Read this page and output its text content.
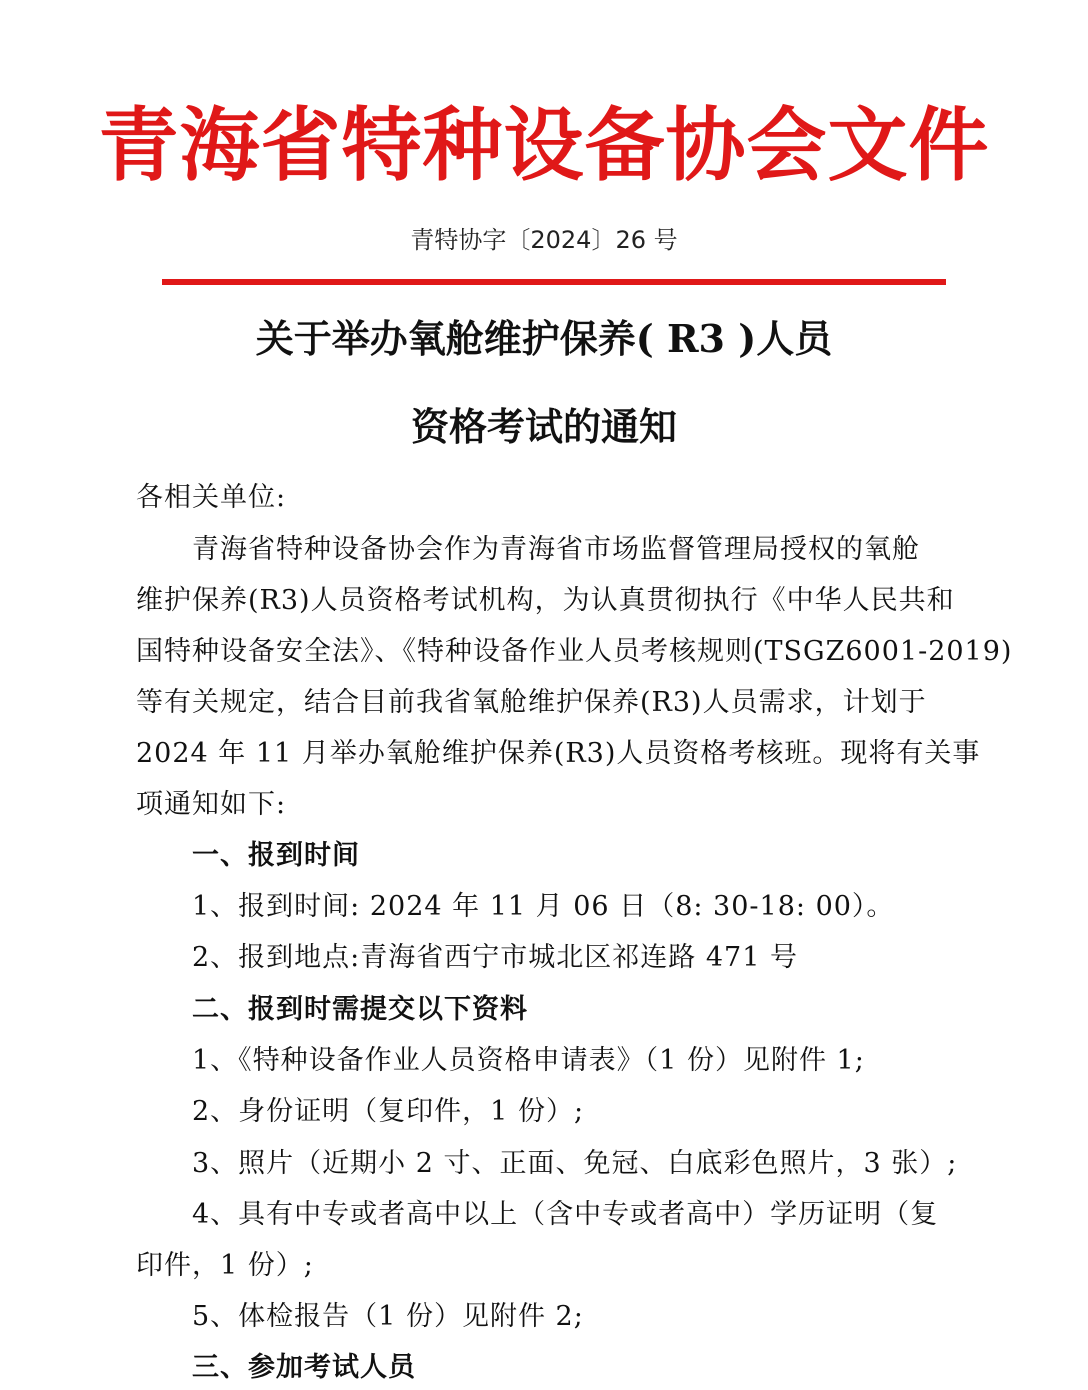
青海省特种设备协会文件
青特协字〔2024〕26 号
关于举办氧舱维护保养( R3 )人员
资格考试的通知
各相关单位:
青海省特种设备协会作为青海省市场监督管理局授权的氧舱
维护保养(R3)人员资格考试机构，为认真贯彻执行《中华人民共和
国特种设备安全法》、《特种设备作业人员考核规则(TSGZ6001-2019)
等有关规定，结合目前我省氧舱维护保养(R3)人员需求，计划于
2024 年 11 月举办氧舱维护保养(R3)人员资格考核班。现将有关事
项通知如下:
一、报到时间
1、报到时间: 2024 年 11 月 06 日（8: 30-18: 00）。
2、报到地点:青海省西宁市城北区祁连路 471 号
二、报到时需提交以下资料
1、《特种设备作业人员资格申请表》（1 份）见附件 1;
2、身份证明（复印件，1 份）;
3、照片（近期小 2 寸、正面、免冠、白底彩色照片，3 张）;
4、具有中专或者高中以上（含中专或者高中）学历证明（复
印件，1 份）;
5、体检报告（1 份）见附件 2;
三、参加考试人员
